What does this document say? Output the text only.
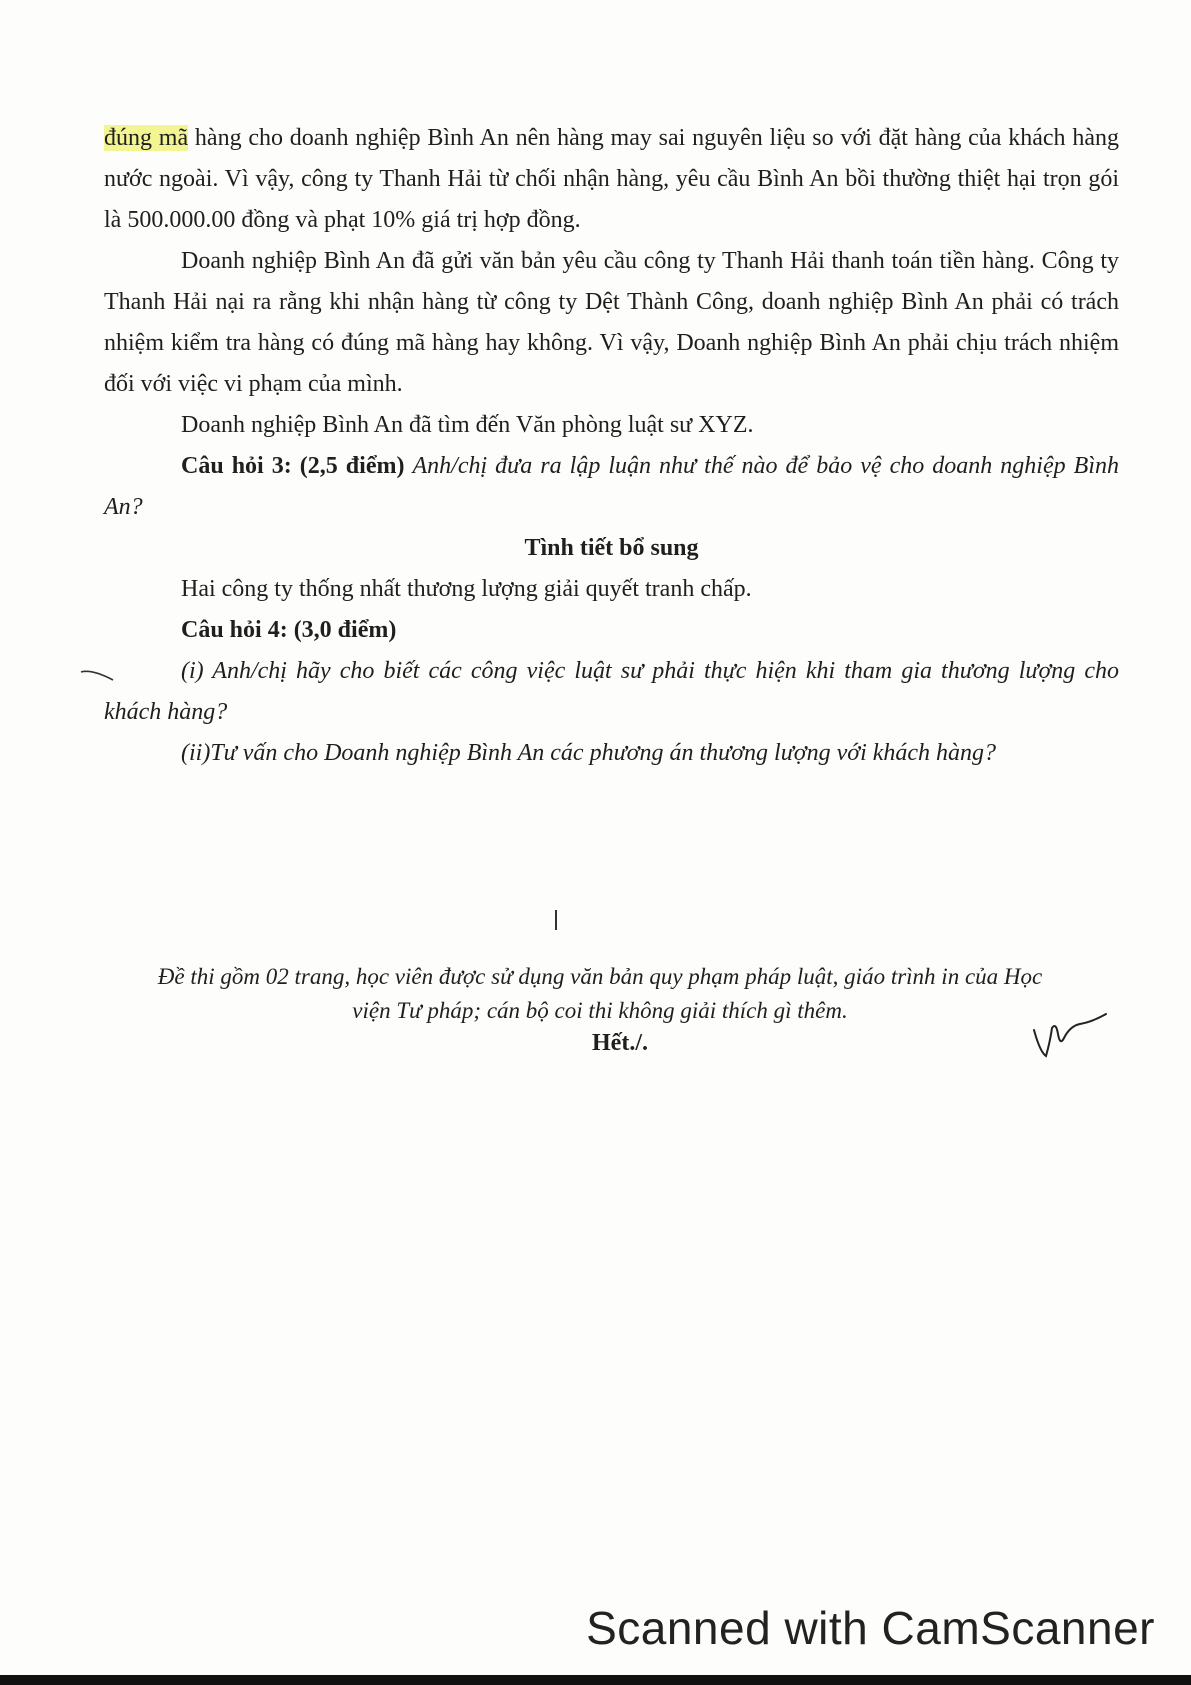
đúng mã hàng cho doanh nghiệp Bình An nên hàng may sai nguyên liệu so với đặt hàng của khách hàng nước ngoài. Vì vậy, công ty Thanh Hải từ chối nhận hàng, yêu cầu Bình An bồi thường thiệt hại trọn gói là 500.000.00 đồng và phạt 10% giá trị hợp đồng.

Doanh nghiệp Bình An đã gửi văn bản yêu cầu công ty Thanh Hải thanh toán tiền hàng. Công ty Thanh Hải nại ra rằng khi nhận hàng từ công ty Dệt Thành Công, doanh nghiệp Bình An phải có trách nhiệm kiểm tra hàng có đúng mã hàng hay không. Vì vậy, Doanh nghiệp Bình An phải chịu trách nhiệm đối với việc vi phạm của mình.

Doanh nghiệp Bình An đã tìm đến Văn phòng luật sư XYZ.

Câu hỏi 3: (2,5 điểm) Anh/chị đưa ra lập luận như thế nào để bảo vệ cho doanh nghiệp Bình An?

Tình tiết bổ sung

Hai công ty thống nhất thương lượng giải quyết tranh chấp.

Câu hỏi 4: (3,0 điểm)

(i) Anh/chị hãy cho biết các công việc luật sư phải thực hiện khi tham gia thương lượng cho khách hàng?

(ii)Tư vấn cho Doanh nghiệp Bình An các phương án thương lượng với khách hàng?

Đề thi gồm 02 trang, học viên được sử dụng văn bản quy phạm pháp luật, giáo trình in của Học viện Tư pháp; cán bộ coi thi không giải thích gì thêm.
Hết./.
Scanned with CamScanner
